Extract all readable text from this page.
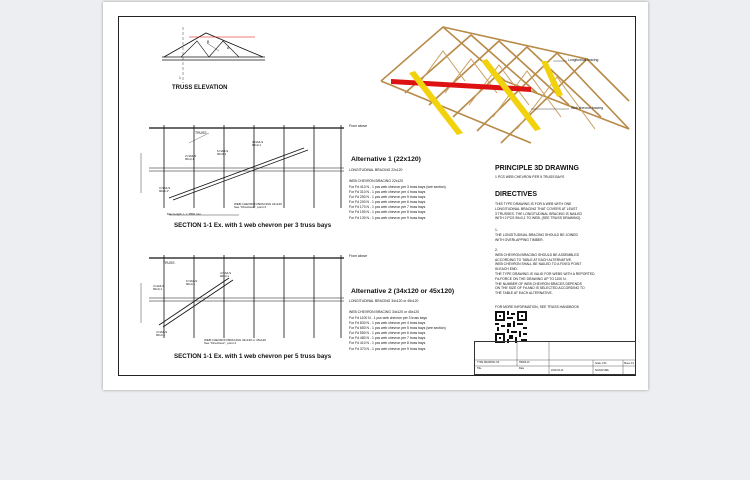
A
B
1
TRUSS ELEVATION
Longitudinal bracing
Web chevron bracing
From above
TRUSS
2 NAILS
90x3,1
6 NAILS
90x3,1
3 NAILS
90x3,1
3 NAILS
90x3,1"
WEB CHEVRON BRACING 22x120
See "Directives", point 2
Max length, L = 1500 mm
SECTION 1-1 Ex. with 1 web chevron per 3 truss bays
Alternative 1 (22x120)
LONGITUDINAL BRACING 22x120
WEB CHEVRON BRACING 22x120
For Fd 410 N - 1 pcs web chevron per 3 truss bays (see section)
For Fd 310 N - 1 pcs web chevron per 4 truss bays
For Fd 250 N - 1 pcs web chevron per 5 truss bays
For Fd 200 N - 1 pcs web chevron per 6 truss bays
For Fd 170 N - 1 pcs web chevron per 7 truss bays
For Fd 150 N - 1 pcs web chevron per 8 truss bays
For Fd 130 N - 1 pcs web chevron per 9 truss bays
From above
TRUSS
3 NAILS
90x3,1
6 NAILS
90x3,1
4 NAILS
90x3,1
4 NAILS
90x3,1
WEB CHEVRON BRACING 34x120 or 45x120
See "Directives", point 2
SECTION 1-1 Ex. with 1 web chevron per 5 truss bays
Alternative 2 (34x120 or 45x120)
LONGITUDINAL BRACING 34x120 or 45x120
WEB CHEVRON BRACING 34x120 or 45x120
For Fd 1100 N - 1 pcs web chevron per 3 truss bays
For Fd 830 N - 1 pcs web chevron per 4 truss bays
For Fd 650 N - 1 pcs web chevron per 5 truss bays (see section)
For Fd 550 N - 1 pcs web chevron per 6 truss bays
For Fd 480 N - 1 pcs web chevron per 7 truss bays
For Fd 410 N - 1 pcs web chevron per 8 truss bays
For Fd 370 N - 1 pcs web chevron per 9 truss bays
PRINCIPLE 3D DRAWING
1 PCS WEB CHEVRON PER 5 TRUSS BAYS
DIRECTIVES
THIS TYPE DRAWING IS FOR A WEB WITH ONE
LONGITUDINAL BRACING THAT COVERS AT LEAST
3 TRUSSES. THE LONGITUDINAL BRACING IS NAILED
WITH 2 PCS 90x3,1 TO WEB. (SEE TRUSS DRAWING).
1.
THE LONGITUDINAL BRACING SHOULD BE JOINED
WITH OVERLAPPING TIMBER.
2.
WEB CHEVRON BRACING SHOULD BE ASSEMBLED
ACCORDING TO TABLE AT EACH ALTERNATIVE.
WEB CHEVRON SHALL BE NAILED TO A FIXED POINT
IN EACH END.
THE TYPE DRAWING IS VALID FOR WEBS WITH A REPORTED
Fd-FORCE ON THE DRAWING UP TO 1100 N.
THE NUMBER OF WEB CHEVRON BRACES DEPENDS
ON THE SIZE OF Fd AND IS SELECTED ACCORDING TO
THE TABLE AT EACH ALTERNATIVE.
FOR MORE INFORMATION, SEE TRUSS HANDBOOK
TYPE DRAWING OF	TB006-10
Title	Date
2019-03-13
Scale 1:50	Sheet 1/1
SIGNATURE
